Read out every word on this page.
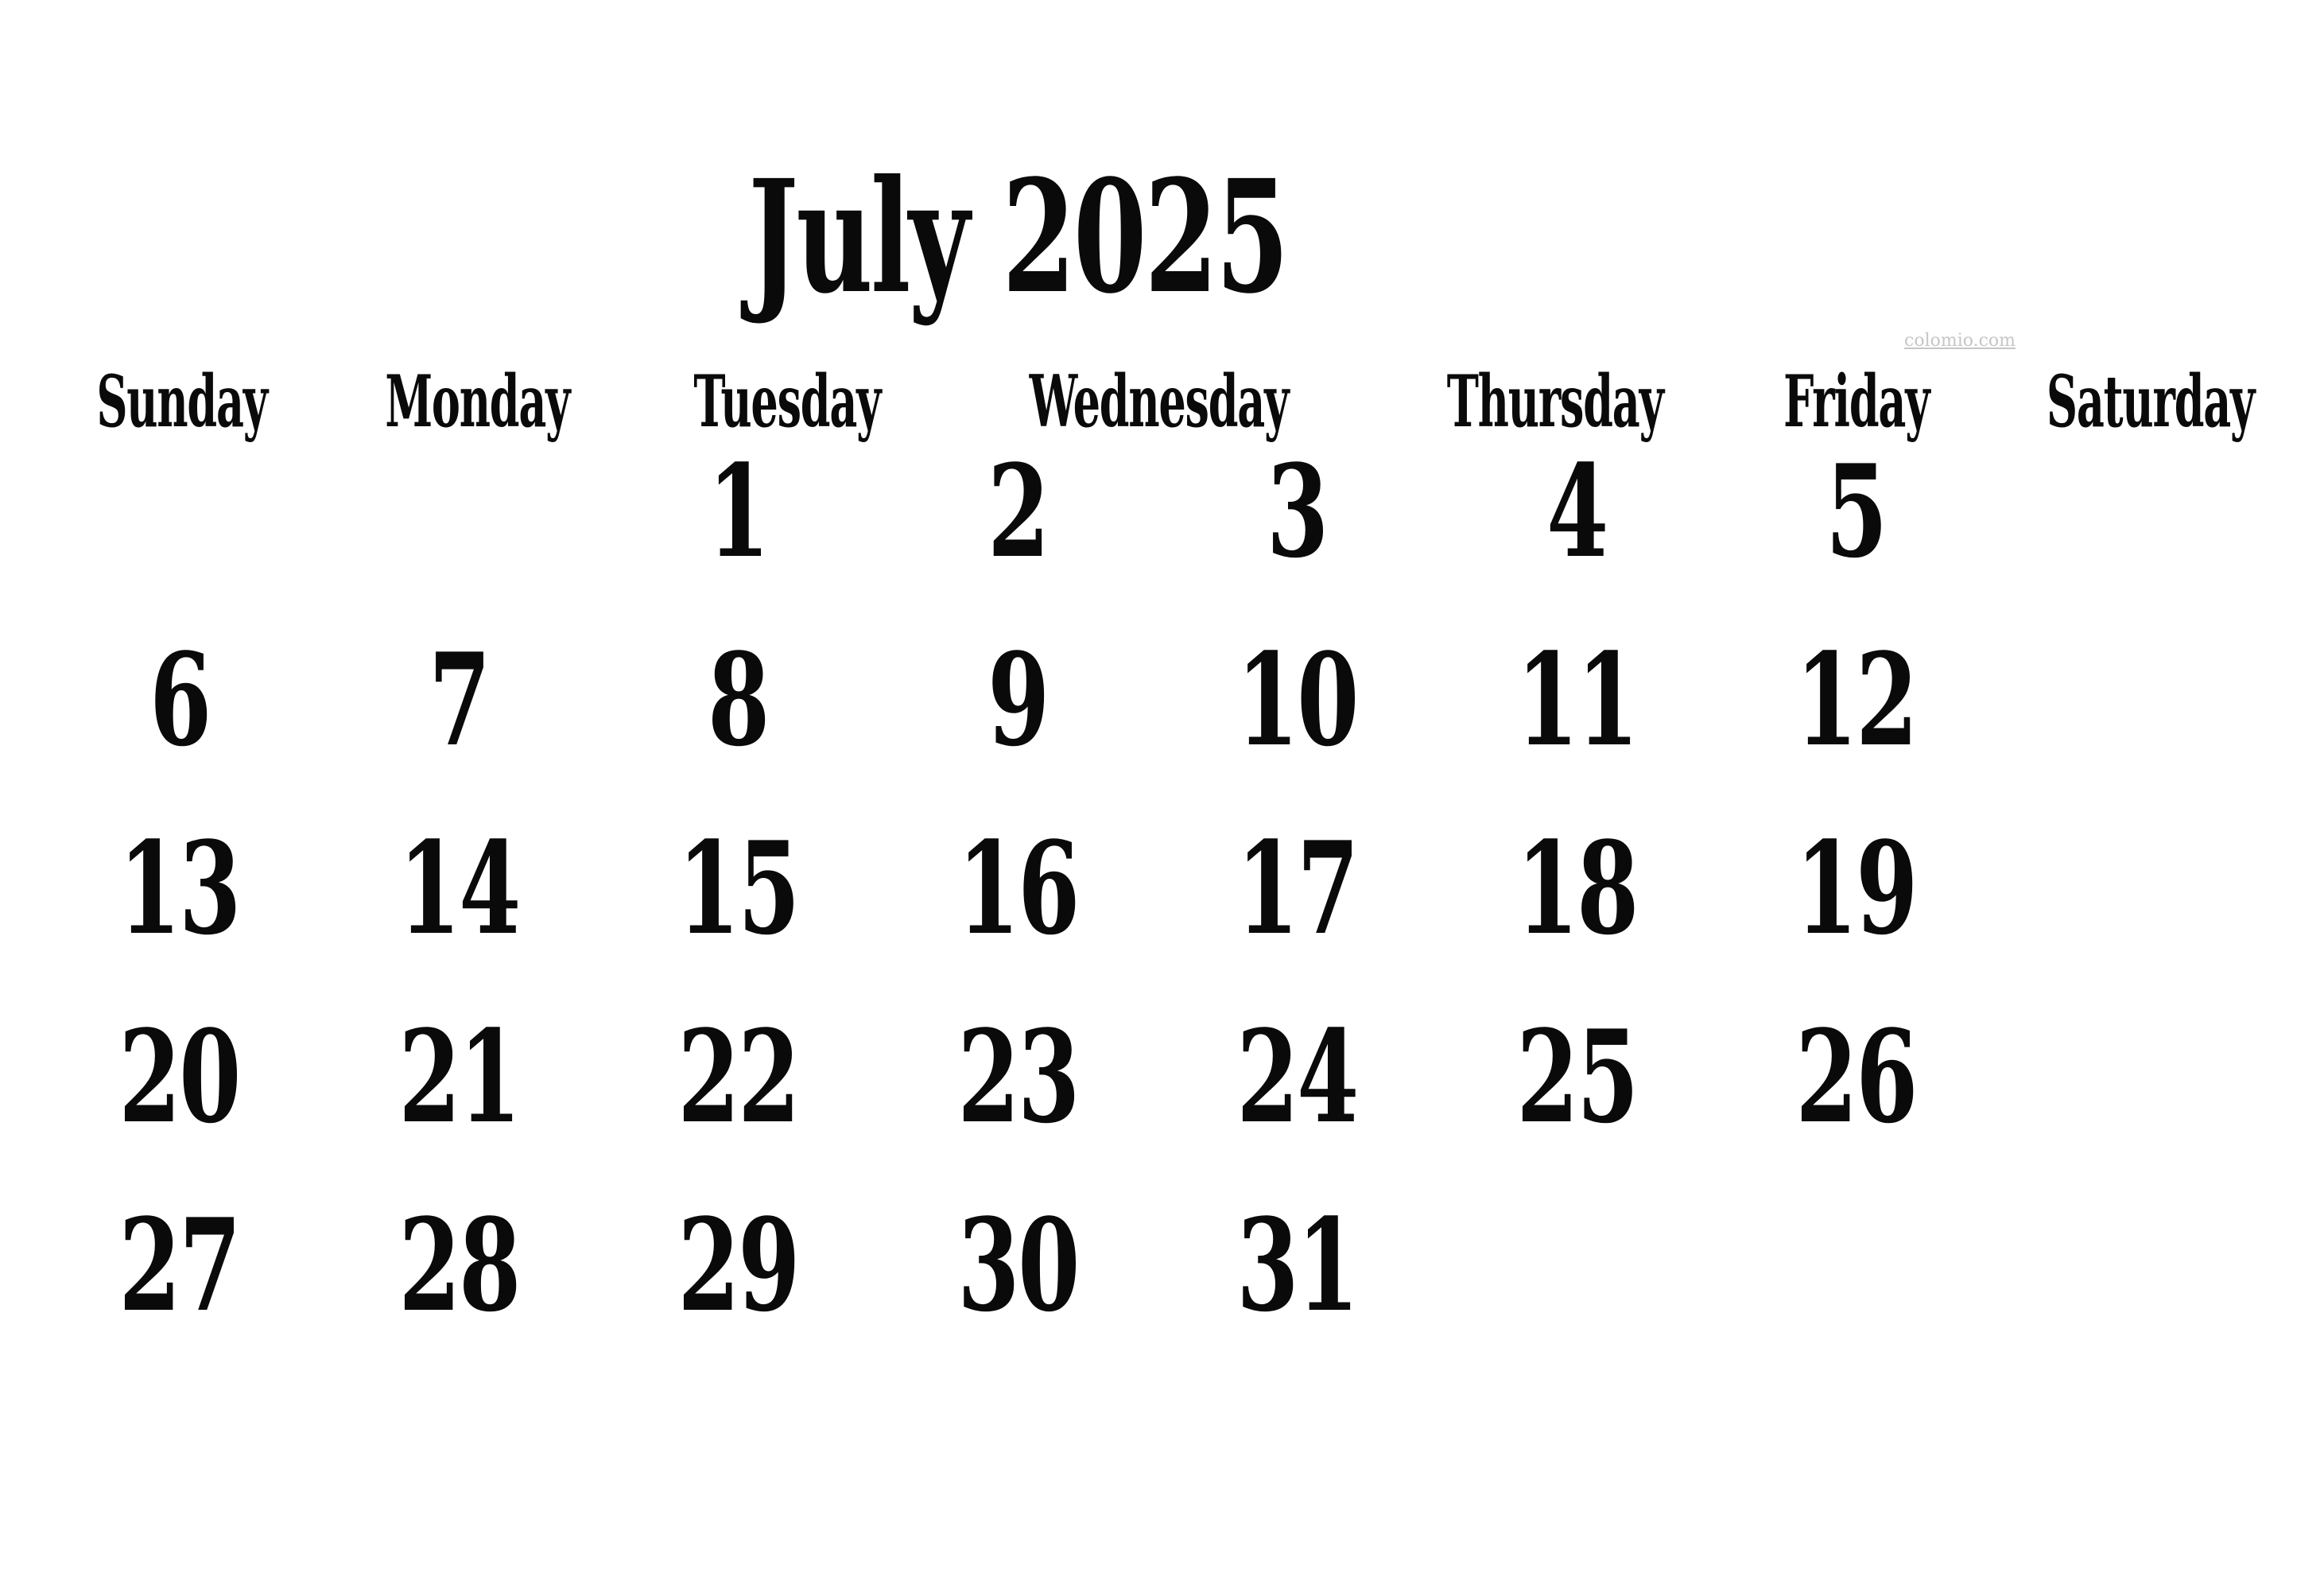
July 2025
colomio.com
Sunday Monday Tuesday Wednesday Thursday Friday Saturday
1 2 3 4 5
6 7 8 9 10 11 12
13 14 15 16 17 18 19
20 21 22 23 24 25 26
27 28 29 30 31
